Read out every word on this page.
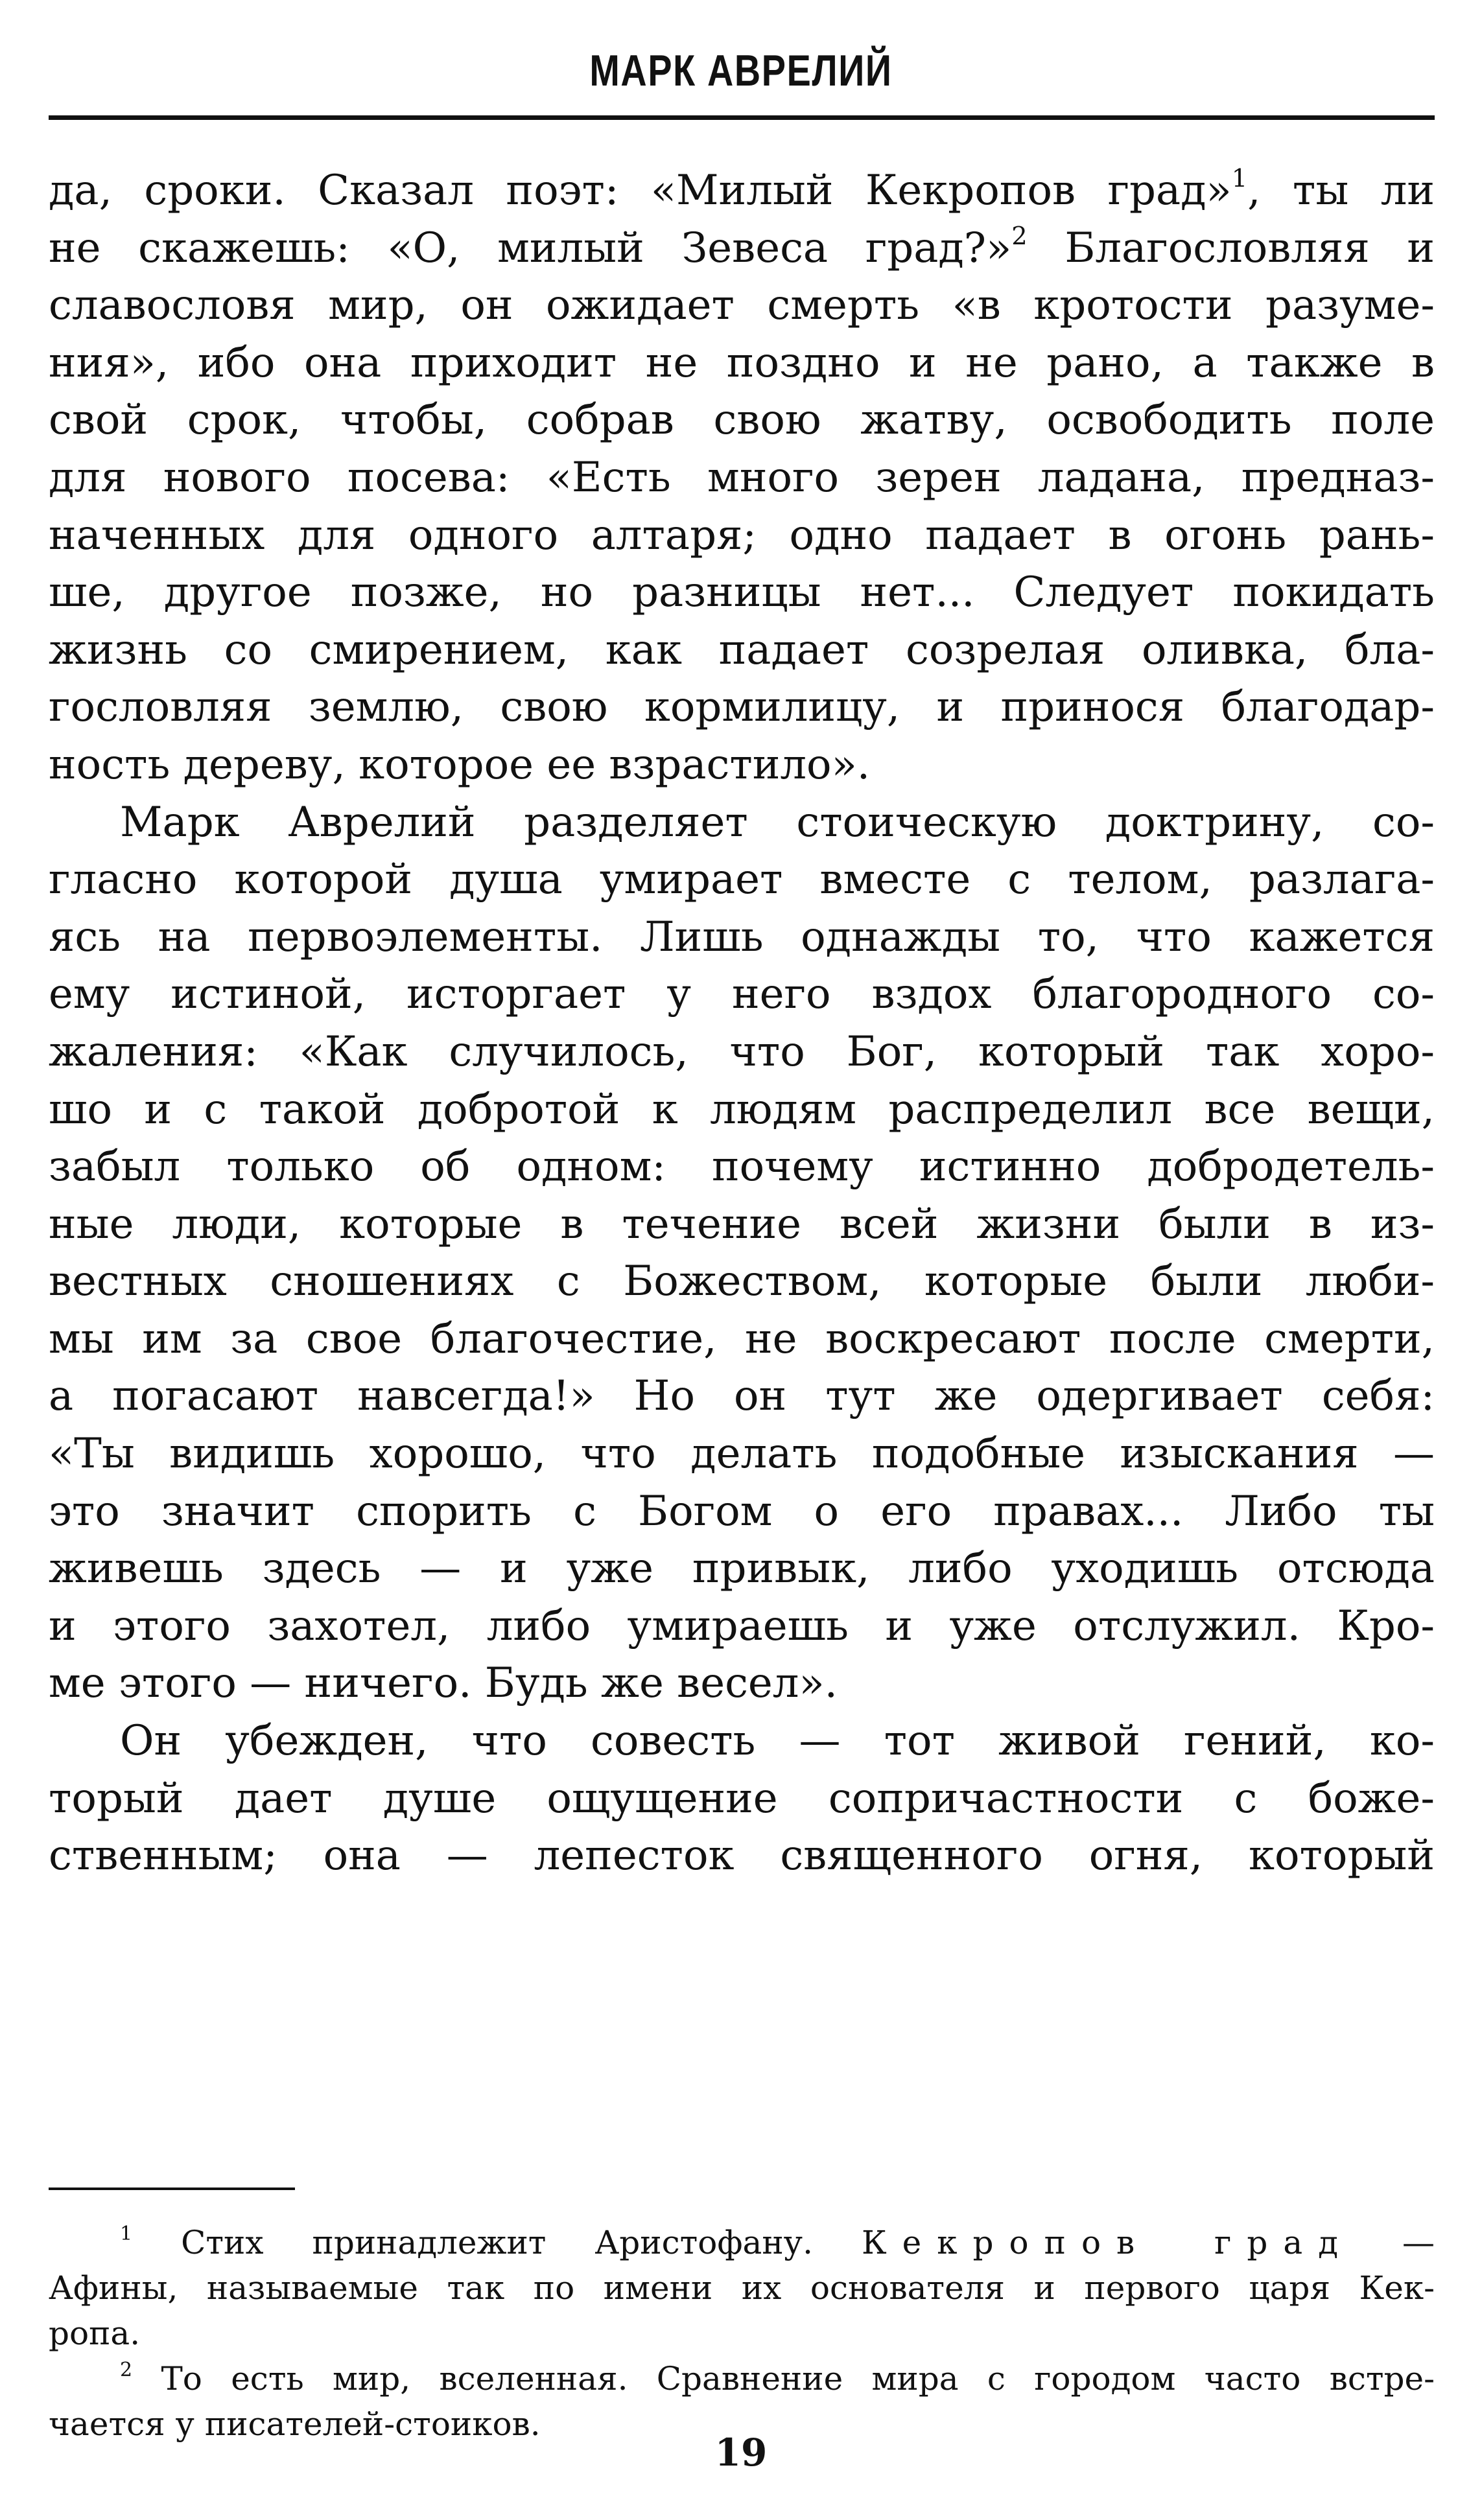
МАРК АВРЕЛИЙ
да, сроки. Сказал поэт: «Милый Кекропов град»$^1$, ты ли
не скажешь: «О, милый Зевеса град?»$^2$ Благословляя и
славословя мир, он ожидает смерть «в кротости разуме-
ния», ибо она приходит не поздно и не рано, а также в
свой срок, чтобы, собрав свою жатву, освободить поле
для нового посева: «Есть много зерен ладана, предназ-
наченных для одного алтаря; одно падает в огонь рань-
ше, другое позже, но разницы нет... Следует покидать
жизнь со смирением, как падает созрелая оливка, бла-
гословляя землю, свою кормилицу, и принося благодар-
ность дереву, которое ее взрастило».
Марк Аврелий разделяет стоическую доктрину, со-
гласно которой душа умирает вместе с телом, разлага-
ясь на первоэлементы. Лишь однажды то, что кажется
ему истиной, исторгает у него вздох благородного со-
жаления: «Как случилось, что Бог, который так хоро-
шо и с такой добротой к людям распределил все вещи,
забыл только об одном: почему истинно добродетель-
ные люди, которые в течение всей жизни были в из-
вестных сношениях с Божеством, которые были люби-
мы им за свое благочестие, не воскресают после смерти,
а погасают навсегда!» Но он тут же одергивает себя:
«Ты видишь хорошо, что делать подобные изыскания —
это значит спорить с Богом о его правах... Либо ты
живешь здесь — и уже привык, либо уходишь отсюда
и этого захотел, либо умираешь и уже отслужил. Кро-
ме этого — ничего. Будь же весел».
Он убежден, что совесть — тот живой гений, ко-
торый дает душе ощущение сопричастности с боже-
ственным; она — лепесток священного огня, который
$^1$ Стих принадлежит Аристофану. Кекропов град —
Афины, называемые так по имени их основателя и первого царя Кек-
ропа.
$^2$ То есть мир, вселенная. Сравнение мира с городом часто встре-
чается у писателей-стоиков.
19
